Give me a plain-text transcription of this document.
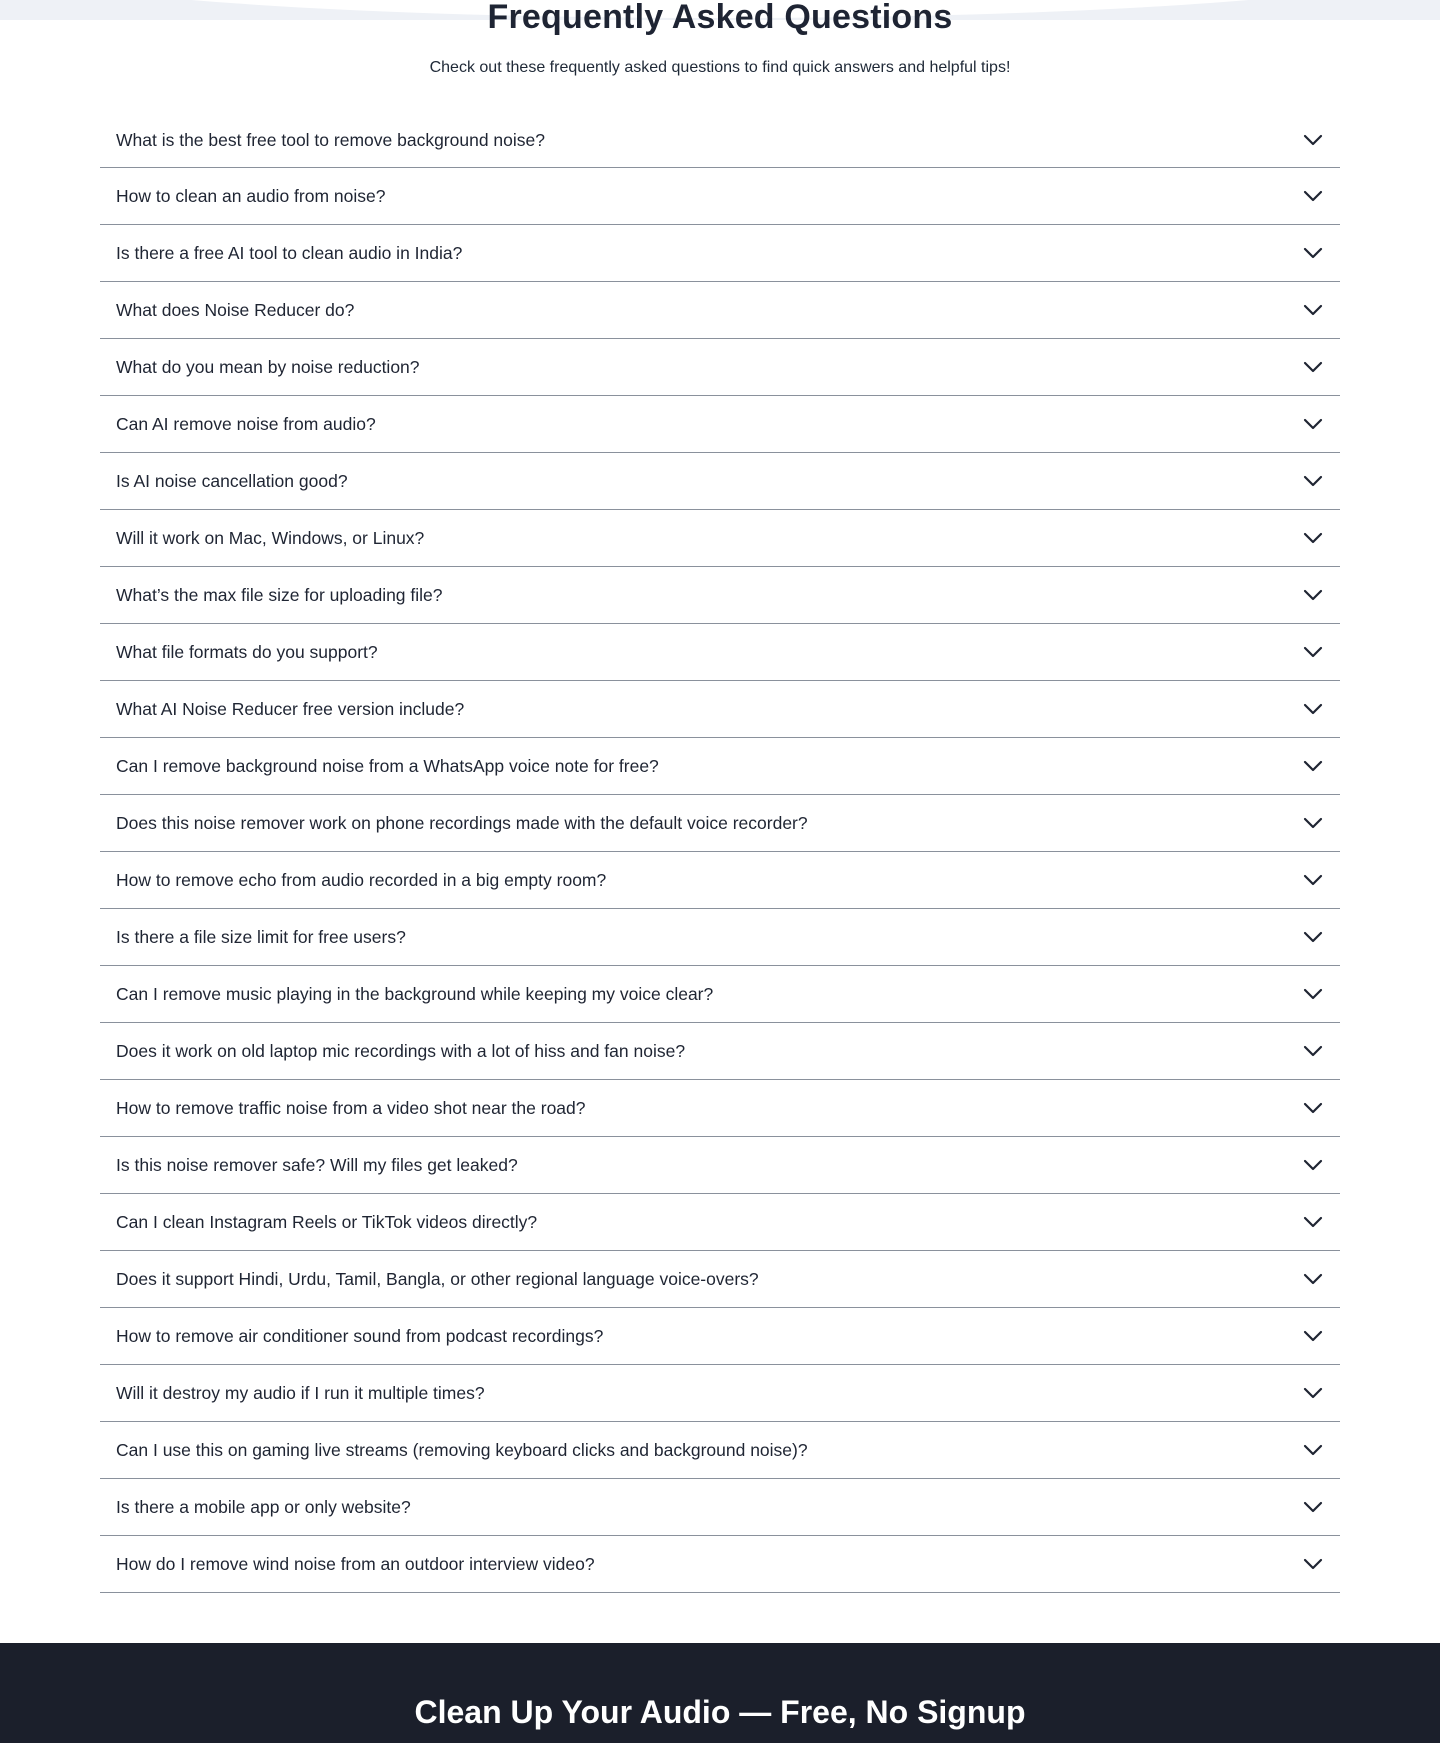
Frequently Asked Questions

Check out these frequently asked questions to find quick answers and helpful tips!

What is the best free tool to remove background noise?
How to clean an audio from noise?
Is there a free AI tool to clean audio in India?
What does Noise Reducer do?
What do you mean by noise reduction?
Can AI remove noise from audio?
Is AI noise cancellation good?
Will it work on Mac, Windows, or Linux?
What’s the max file size for uploading file?
What file formats do you support?
What AI Noise Reducer free version include?
Can I remove background noise from a WhatsApp voice note for free?
Does this noise remover work on phone recordings made with the default voice recorder?
How to remove echo from audio recorded in a big empty room?
Is there a file size limit for free users?
Can I remove music playing in the background while keeping my voice clear?
Does it work on old laptop mic recordings with a lot of hiss and fan noise?
How to remove traffic noise from a video shot near the road?
Is this noise remover safe? Will my files get leaked?
Can I clean Instagram Reels or TikTok videos directly?
Does it support Hindi, Urdu, Tamil, Bangla, or other regional language voice-overs?
How to remove air conditioner sound from podcast recordings?
Will it destroy my audio if I run it multiple times?
Can I use this on gaming live streams (removing keyboard clicks and background noise)?
Is there a mobile app or only website?
How do I remove wind noise from an outdoor interview video?
Clean Up Your Audio — Free, No Signup
